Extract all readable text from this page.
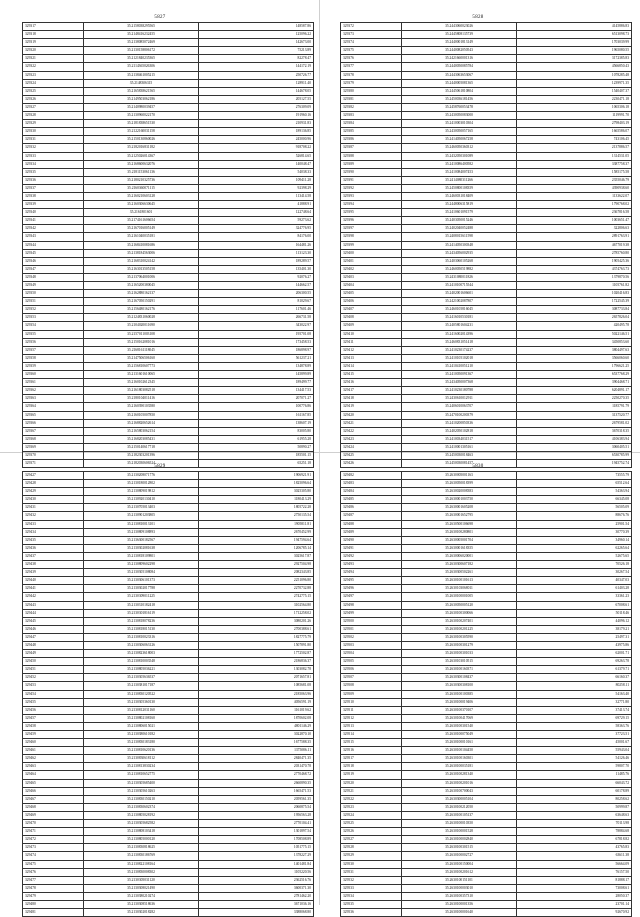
5827
329317	35.2158038295565	148587.86
329318	35.2148416232455	125096.22
329319	35.2138085072469	142673.00
329320	35.2130158806172	75213.89
329321	35.2121840235365	82278.47
329322	35.2114365026306	144172.19
329323	35.2138461005215	250726.77
329324	35.2148306315	128911.40
329325	35.2165838621565	144678.05
329326	35.2149503062186	205127.55
329327	35.2140980039457	276309.09
329328	35.2130960022170	191960.16
329329	35.2181838651530	210931.83
329330	35.2122160031158	189136.85
329331	35.2150130860026	245000.96
329332	35.2182016831182	918708.22
329333	35.2125026014367	526814.65
329334	35.2168600632076	140048.47
329335	35.2181153061136	54038.33
329336	35.2180210325736	109411.28
329337	35.2160360071115	92398.29
329338	35.2160210603128	113414.58
329339	35.2160306630645	41888.91
329340	35.2161801601	122748.64
329341	35.2174161606654	59273.62
329342	35.2167016005149	324776.95
329343	35.2161040035181	84176.00
329344	35.2168410081686	164481.26
329345	35.2138184563006	113123.30
329346	35.2168310024142	189289.57
329347	35.2163013505158	135401.30
329348	35.2137064001006	92076.27
329349	35.2165200380045	144662.57
329350	35.2162880162137	206300.55
329351	35.2167050150291	81029.67
329352	35.2156480162176	117601.46
329353	35.2124831060028	266731.58
329354	35.2104020011690	343022.97
329355	35.2157011003108	195701.08
329356	35.2150162081016	173458.53
329357	35.2168161118045	186898.97
329358	35.2147506506160	561237.21
329359	35.2156810607773	134878.89
329360	35.2131601610065	145899.89
329361	35.2160102612345	189499.77
329362	35.2161803082518	134417.53
329363	35.2180104011416	207071.27
329364	35.2160390103580	100776.86
329365	35.2160105007850	161167.85
329366	35.2168820652614	138607.19
329367	35.2165803062154	83005.80
329368	35.2168203085431	61955.28
329369	35.2150140617718	50890.27
329370	35.2182303201396	185501.15
329371	35.2182030606524	65251.18
5828
329372	35.2443060023026	4145886.83
329373	35.2445808135739	6513098.73
329374	35.2440001813149	1703039.99
329375	35.2440082050543	1965080.55
329376	35.2421660001316	3172385.83
329377	35.2440050085784	4566850.43
329378	35.2443063653067	1078285.48
329379	35.2440005081365	1239971.35
329380	35.2445061810804	1540407.37
329381	35.2450036181456	2230471.18
329382	35.2458760053478	1065306.18
329383	35.2430050083000	1119991.70
329384	35.2410003010304	2798403.19
329385	35.2430050057165	1665586.07
329386	35.2414050067258	743106.45
329387	35.2460050360312	2137886.57
329388	35.2432050301089	1314531.05
329389	35.2410086400582	3387758.37
329390	35.2410084007453	1585175.58
329391	35.2414080311266	2355046.79
329392	35.2450800108359	4390938.60
329393	35.2460031018409	1133622.07
329394	35.2448006315819	1790768.02
329395	35.2410601091579	2367816.58
329396	35.2403050015246	1003651.47
329397	35.2402040052488	322806.63
329398	35.2408015611598	2891763.91
329399	35.2414050300348	4677019.38
329400	35.2434056002935	2785760.80
329401	35.2403060105268	1905425.36
329402	35.2460050519882	4374763.73
329403	35.2431080011826	1379870.56
329404	35.2410100715544	1105761.82
329405	35.2402001606601	1020416.83
329406	35.2421002087807	1722545.39
329407	35.2460105816045	3087733.84
329408	35.2416010530181	2657826.04
329409	35.2405801604231	420495.78
329410	35.2416002014396	5022146.51
329411	35.2460831051418	3450853.60
329412	35.2410230174237	3804497.63
329413	35.2410105102018	3566060.60
329414	35.2410410051210	1796621.25
329415	35.2410050091367	6537768.29
329416	35.2434050007368	3904468.71
329417	35.2410230180788	6204891.17
329418	35.2430610012911	2250270.35
329419	35.2406010063707	1185791.79
329420	35.2470100200379	3137520.77
329421	35.2410200850336	2679581.02
329422	35.2402050102818	3670318.35
329423	35.2410034031517	4106383.94
329424	35.2410001305161	3060405.51
329425	35.2450030018463	6530785.99
329426	35.2450030081457	1945752.74
5829
329427	35.2130208071776	1906921.91
329428	35.2130180012802	1825096.64
329429	35.2130809019812	3025305.80
329430	35.2130920130410	1180413.29
329431	35.2130705013403	1805722.28
329432	35.2130901203805	2750135.54
329433	35.2130810013101	1905811.81
329434	35.2130809108893	2670452.99
329435	35.2136300182567	1947594.64
329436	35.2130302081638	1206785.14
329437	35.2130818109801	3025617.87
329438	35.2130809602298	2927504.98
329439	35.2130305108084	2082343.85
329440	35.2130306101373	2251096.80
329441	35.2130302017788	2270732.88
329442	35.2130309011225	2742775.15
329443	35.2130310182418	3102564.80
329444	35.2130301816119	1712258.02
329445	35.2130818078236	3080201.26
329446	35.2130818015130	2700388.61
329447	35.2130810023316	1827775.79
329448	35.2130306063126	1507891.80
329449	35.2130823618003	1772502.87
329450	35.2130810003548	2186836.37
329451	35.2130805036221	1303082.78
329452	35.2130305636537	2071657.81
329453	35.2130381017187	1085681.08
329454	35.2130830120522	2185063.96
329455	35.2130305360130	4056591.19
329456	35.2130812031160	1161019.62
329457	35.2130802108160	1870602.08
329458	35.2130806015021	4801146.29
329459	35.2130380610182	3022870.10
329460	35.2130830183180	1677588.35
329461	35.2130810620136	1375086.11
329462	35.2130830618112	2840471.35
329463	35.2130813830234	2031470.78
329464	35.2130810652775	2770468.72
329465	35.2130305685400	2660890.35
329466	35.2130305610263	1665471.53
329467	35.2130830150210	2059561.35
329468	35.2130830602374	2060875.54
329469	35.2130805028192	1956563.28
329470	35.2130305682582	2770104.41
329471	35.2130808103418	1301897.54
329472	35.2130805000120	1708508.89
329473	35.2130830818625	1051775.15
329474	35.2130830186769	1378227.29
329475	35.2130822108164	1401481.84
329476	35.2130830008302	1105220.56
329477	35.2130305031120	2362516.76
329478	35.2130308021490	3600371.30
329479	35.2130380210274	2781462.20
329480	35.2130308518636	3671036.16
329481	35.2130302018282	3388068.80
5830
329482	35.2630005001163	73555.79
329483	35.2630050018399	65512.64
329484	35.2630020008383	54363.94
329485	35.2630001003750	66345.08
329486	35.2630001605208	56505.09
329487	35.2630001652795	88676.76
329488	35.2630500106698	25901.54
329489	35.2630100280801	30770.39
329490	35.2630005001704	34960.14
329491	35.2630001618355	62265.64
329492	35.2630006020001	52675.65
329493	35.2630300607182	70526.18
329494	35.2630300502261	30267.54
329495	35.2630100101613	40347.03
329496	35.2630103068011	61403.28
329497	35.2630100001005	33361.23
329498	35.2630050005120	67008.61
329499	35.2630100300066	50118.46
329500	35.2630100207401	44096.12
329501	35.2630100201225	38179.21
329502	35.2630100305590	25497.31
329503	35.2630100301279	43975.86
329504	35.2630100301033	62001.71
329505	35.2630103010515	69263.78
329506	35.2630100160371	61379.71
329507	35.2630300108437	66160.37
329508	35.2630300308100	80258.11
329509	35.2630100100385	54163.40
329510	35.2630100019406	32771.80
329511	35.2630100370107	37413.74
329512	35.2630100417069	69729.15
329513	35.2630100301540	58363.76
329514	35.2630100075049	37723.51
329515	35.2630100010161	45001.67
329516	35.2630100104450	55943.04
329517	35.2630100160301	54126.46
329518	35.2630100035181	59807.70
329519	35.2630100281340	11485.76
329520	35.2630100201016	66043.72
329521	35.2630100700043	60178.89
329522	35.2630300005104	80258.62
329523	35.2630100212050	50999.87
329524	35.2630100105137	63648.63
329525	35.2630100010350	70113.98
329526	35.2630100001528	78884.68
329527	35.2630100002840	67818.82
329528	35.2630100301515	43765.83
329529	35.2630100002727	63611.38
329530	35.2630100150004	56664.09
329531	35.2630100201612	76157.50
329532	35.2630100151101	81888.17
329533	35.2630100003010	73008.61
329534	35.2630100357310	28050.37
329535	35.2630100001356	23701.14
329536	35.2630100001640	92670.92
